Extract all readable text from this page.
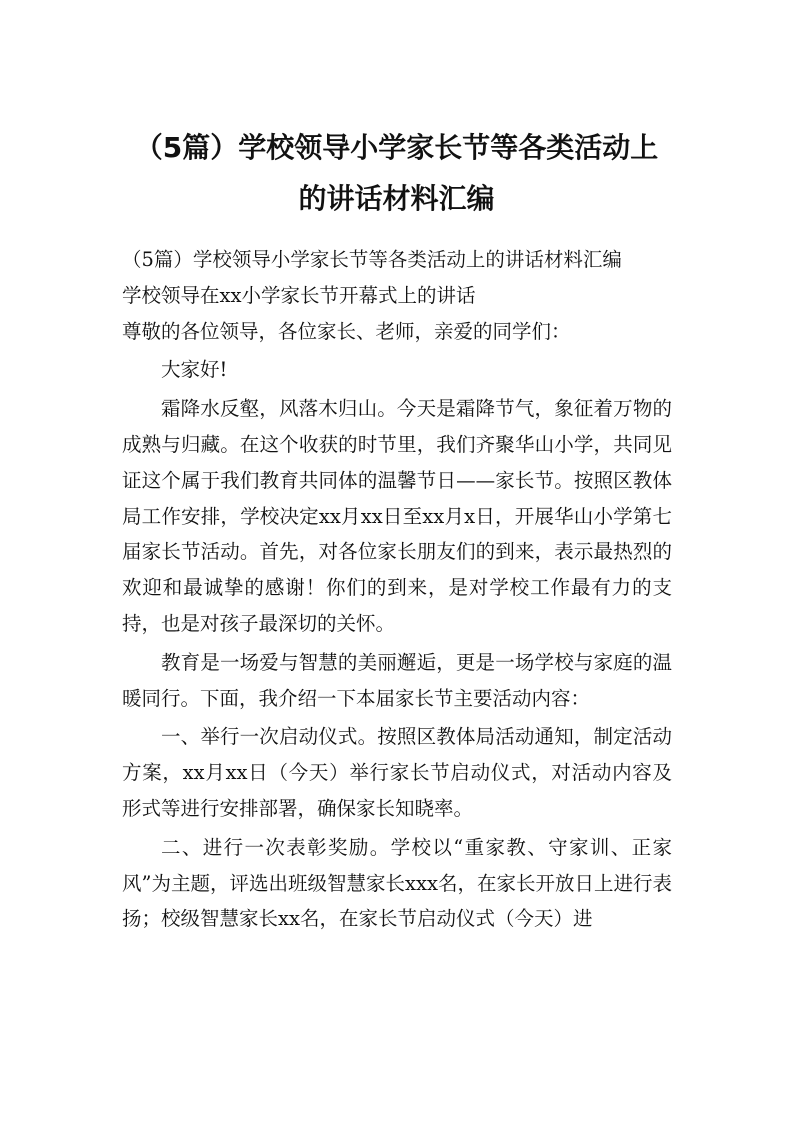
（5篇）学校领导小学家长节等各类活动上
的讲话材料汇编

（5篇）学校领导小学家长节等各类活动上的讲话材料汇编

学校领导在xx小学家长节开幕式上的讲话

尊敬的各位领导，各位家长、老师，亲爱的同学们：

大家好!

霜降水反壑，风落木归山。今天是霜降节气，象征着万物的成熟与归藏。在这个收获的时节里，我们齐聚华山小学，共同见证这个属于我们教育共同体的温馨节日——家长节。按照区教体局工作安排，学校决定xx月xx日至xx月x日，开展华山小学第七届家长节活动。首先，对各位家长朋友们的到来，表示最热烈的欢迎和最诚挚的感谢！你们的到来，是对学校工作最有力的支持，也是对孩子最深切的关怀。

教育是一场爱与智慧的美丽邂逅，更是一场学校与家庭的温暖同行。下面，我介绍一下本届家长节主要活动内容：

一、举行一次启动仪式。按照区教体局活动通知，制定活动方案，xx月xx日（今天）举行家长节启动仪式，对活动内容及形式等进行安排部署，确保家长知晓率。

二、进行一次表彰奖励。学校以“重家教、守家训、正家风”为主题，评选出班级智慧家长xxx名，在家长开放日上进行表扬；校级智慧家长xx名，在家长节启动仪式（今天）进
